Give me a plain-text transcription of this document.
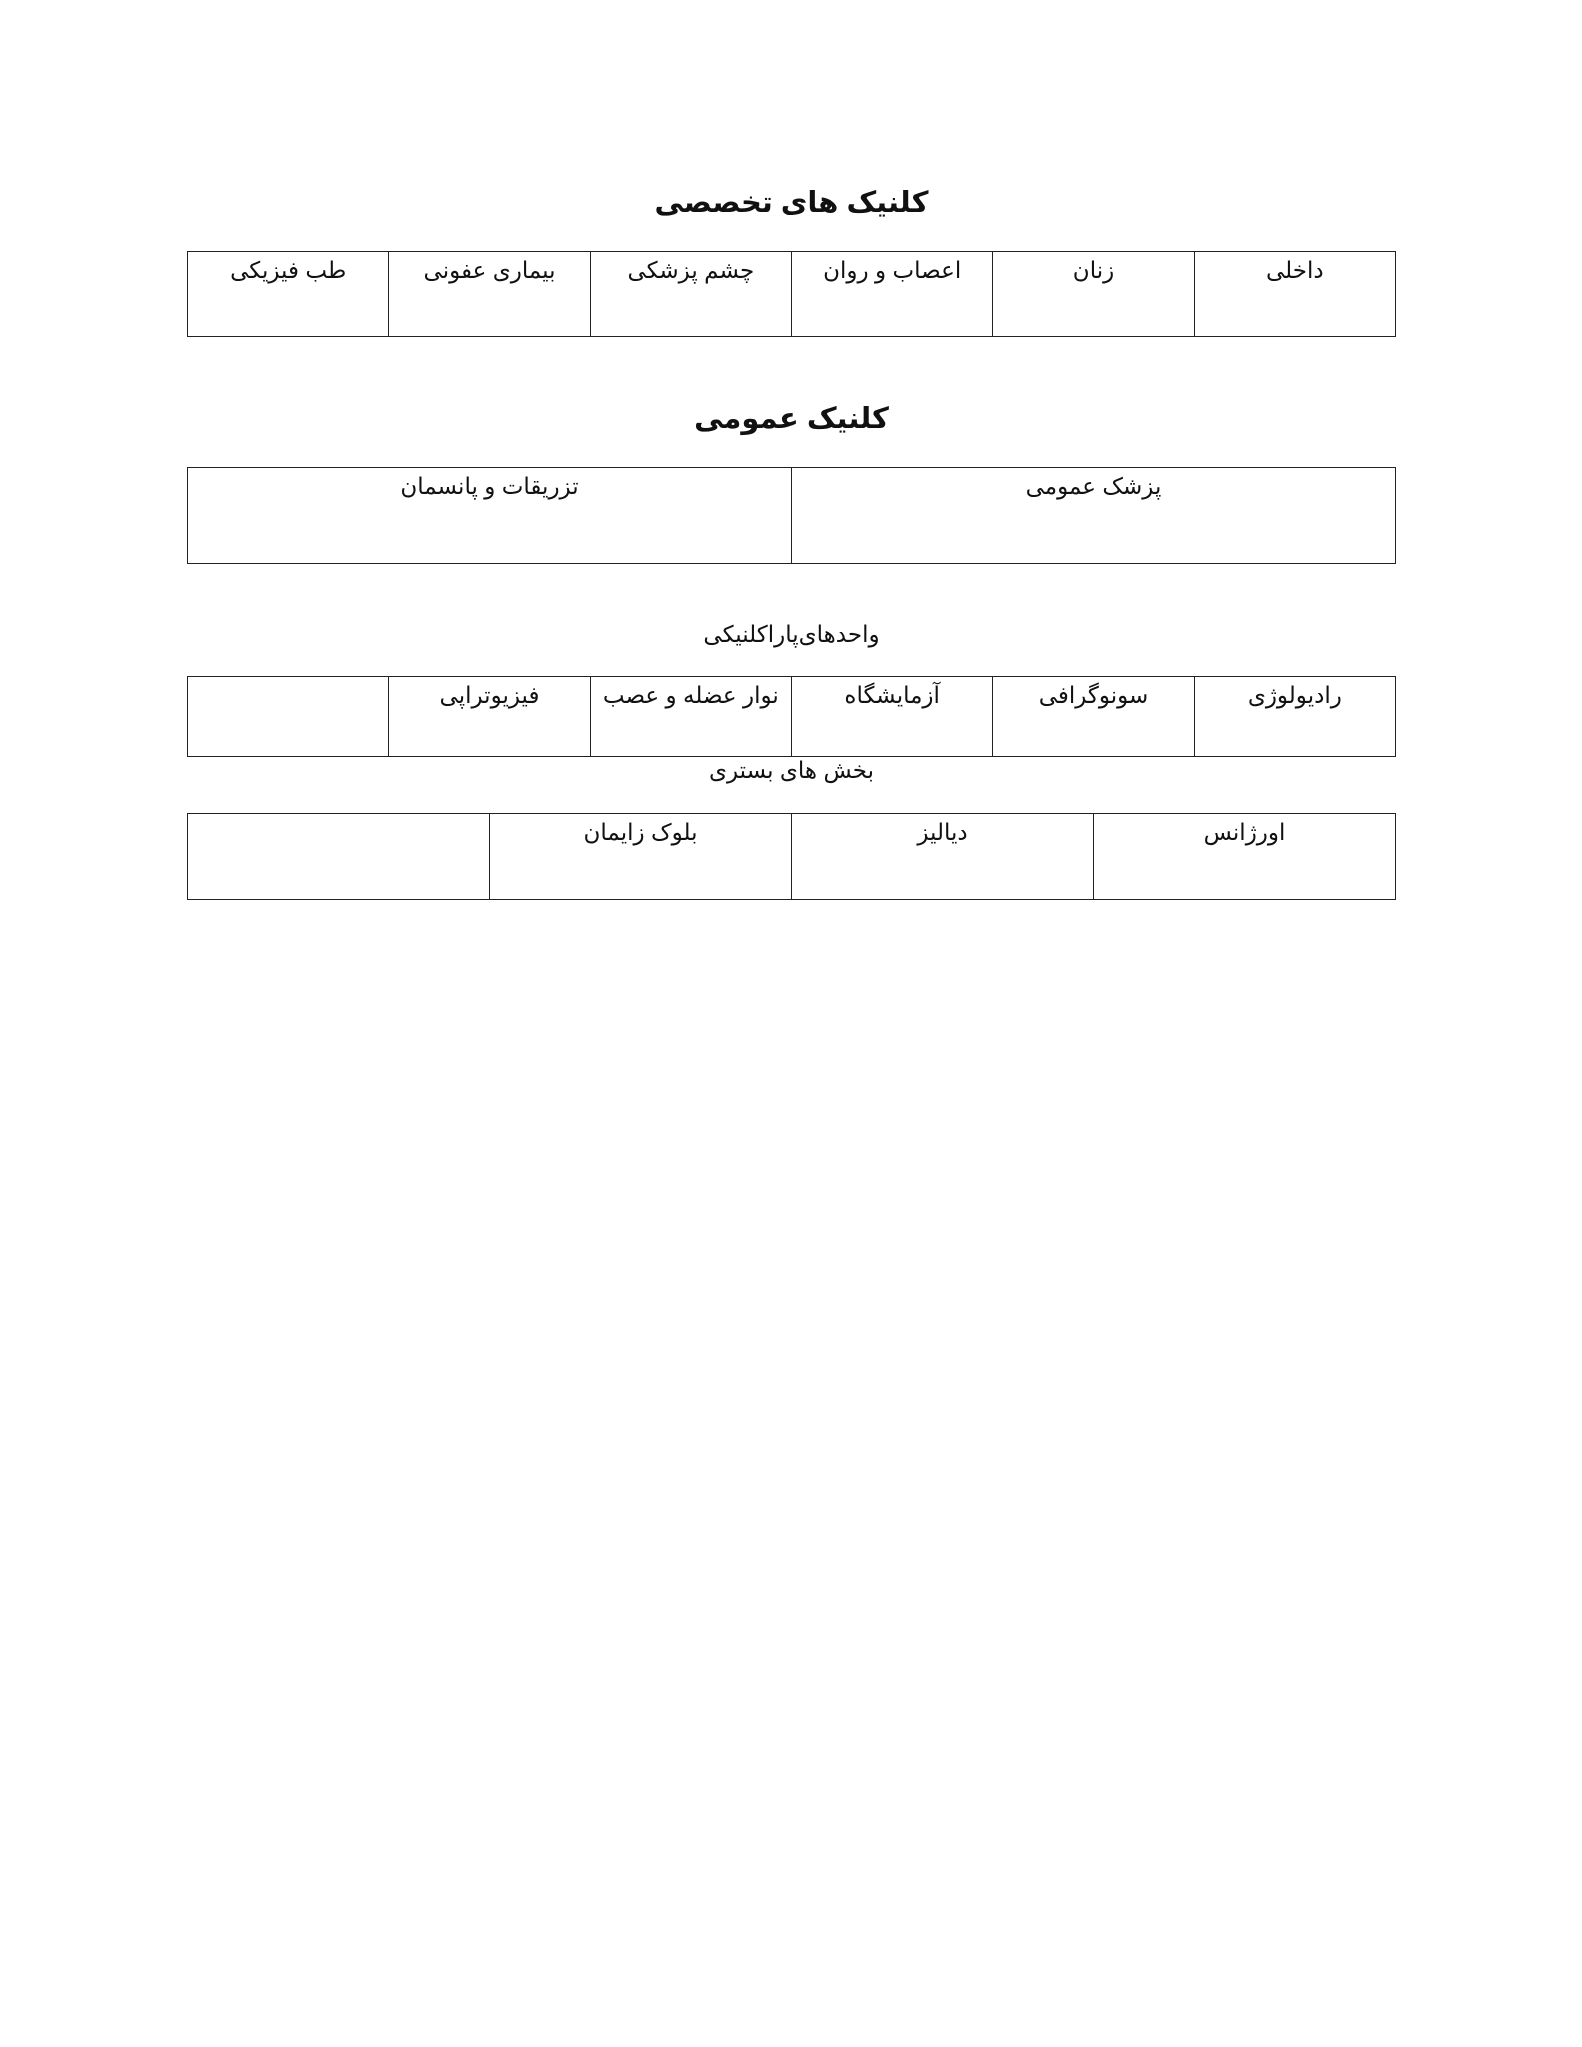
کلنیک های تخصصی
داخلی	زنان	اعصاب و روان	چشم پزشکی	بیماری عفونی	طب فیزیکی
کلنیک عمومی
پزشک عمومی	تزریقات و پانسمان
واحدهای‌پاراکلنیکی
رادیولوژی	سونوگرافی	آزمایشگاه	نوار عضله و عصب	فیزیوتراپی	
بخش های بستری
اورژانس	دیالیز	بلوک زایمان	
